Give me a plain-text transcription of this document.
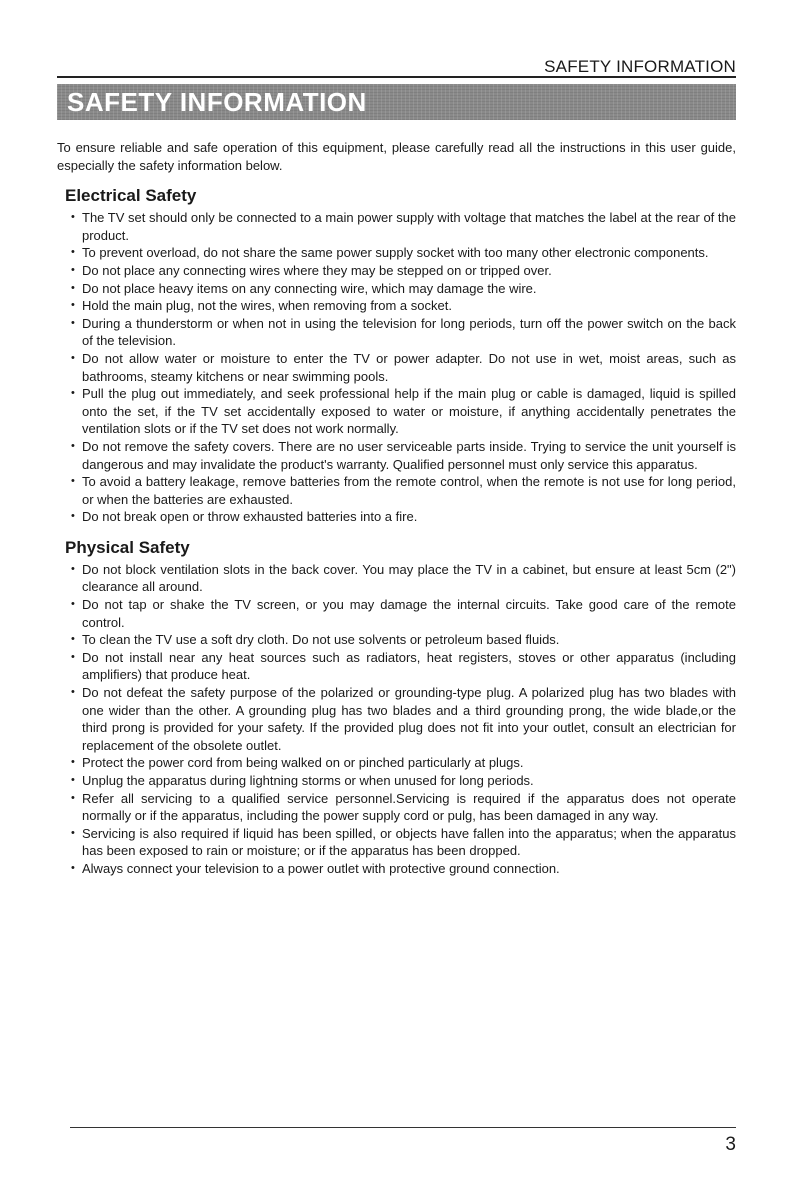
SAFETY INFORMATION
SAFETY INFORMATION

To ensure reliable and safe operation of this equipment, please carefully read all the instructions in this user guide, especially the safety information below.

Electrical Safety
• The TV set should only be connected to a main power supply with voltage that matches the label at the rear of the product.
• To prevent overload, do not share the same power supply socket with too many other electronic components.
• Do not place any connecting wires where they may be stepped on or tripped over.
• Do not place heavy items on any connecting wire, which may damage the wire.
• Hold the main plug, not the wires, when removing from a socket.
• During a thunderstorm or when not in using the television for long periods, turn off the power switch on the back of the television.
• Do not allow water or moisture to enter the TV or power adapter. Do not use in wet, moist areas, such as bathrooms, steamy kitchens or near swimming pools.
• Pull the plug out immediately, and seek professional help if the main plug or cable is damaged, liquid is spilled onto the set, if the TV set accidentally exposed to water or moisture, if anything accidentally penetrates the ventilation slots or if the TV set does not work normally.
• Do not remove the safety covers. There are no user serviceable parts inside. Trying to service the unit yourself is dangerous and may invalidate the product's warranty. Qualified personnel must only service this apparatus.
• To avoid a battery leakage, remove batteries from the remote control, when the remote is not use for long period, or when the batteries are exhausted.
• Do not break open or throw exhausted batteries into a fire.
Physical Safety
• Do not block ventilation slots in the back cover. You may place the TV in a cabinet, but ensure at least 5cm (2") clearance all around.
• Do not tap or shake the TV screen, or you may damage the internal circuits. Take good care of the remote control.
• To clean the TV use a soft dry cloth. Do not use solvents or petroleum based fluids.
• Do not install near any heat sources such as radiators, heat registers, stoves or other apparatus (including amplifiers) that produce heat.
• Do not defeat the safety purpose of the polarized or grounding-type plug. A polarized plug has two blades with one wider than the other. A grounding plug has two blades and a third grounding prong, the wide blade,or the third prong is provided for your safety. If the provided plug does not fit into your outlet, consult an electrician for replacement of the obsolete outlet.
• Protect the power cord from being walked on or pinched particularly at plugs.
• Unplug the apparatus during lightning storms or when unused for long periods.
• Refer all servicing to a qualified service personnel.Servicing is required if the apparatus does not operate normally or if the apparatus, including the power supply cord or pulg, has been damaged in any way.
• Servicing is also required if liquid has been spilled, or objects have fallen into the apparatus; when the apparatus has been exposed to rain or moisture; or if the apparatus has been dropped.
• Always connect your television to a power outlet with protective ground connection.
3
